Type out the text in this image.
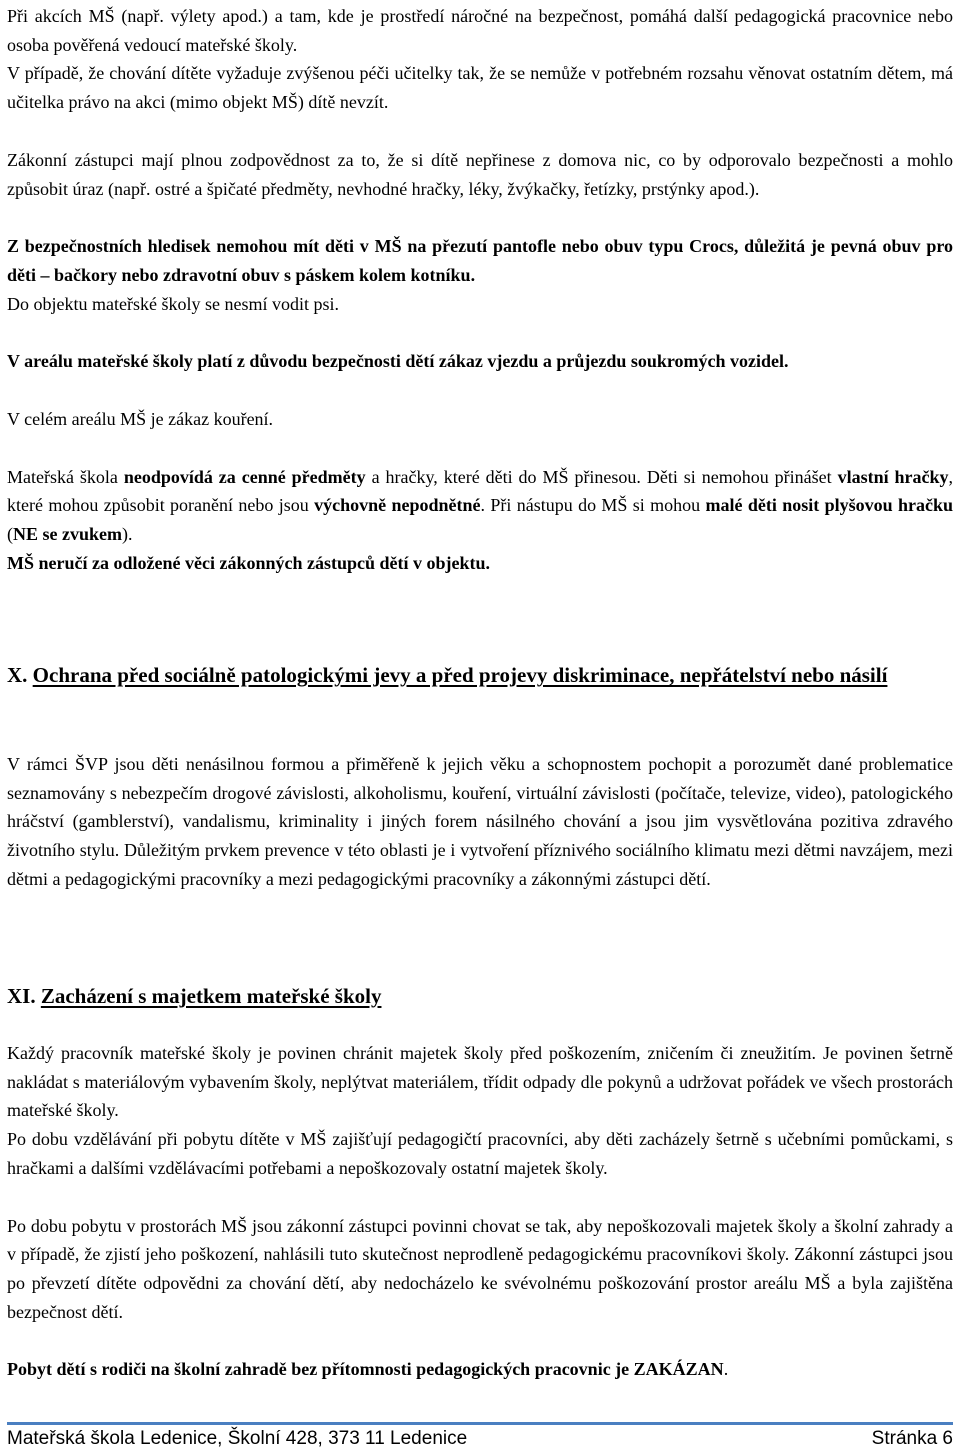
Při akcích MŠ (např. výlety apod.) a tam, kde je prostředí náročné na bezpečnost, pomáhá další pedagogická pracovnice nebo osoba pověřená vedoucí mateřské školy.

V případě, že chování dítěte vyžaduje zvýšenou péči učitelky tak, že se nemůže v potřebném rozsahu věnovat ostatním dětem, má učitelka právo na akci (mimo objekt MŠ) dítě nevzít.

Zákonní zástupci mají plnou zodpovědnost za to, že si dítě nepřinese z domova nic, co by odporovalo bezpečnosti a mohlo způsobit úraz (např. ostré a špičaté předměty, nevhodné hračky, léky, žvýkačky, řetízky, prstýnky apod.).

Z bezpečnostních hledisek nemohou mít děti v MŠ na přezutí pantofle nebo obuv typu Crocs, důležitá je pevná obuv pro děti – bačkory nebo zdravotní obuv s páskem kolem kotníku.

Do objektu mateřské školy se nesmí vodit psi.

V areálu mateřské školy platí z důvodu bezpečnosti dětí zákaz vjezdu a průjezdu soukromých vozidel.

V celém areálu MŠ je zákaz kouření.

Mateřská škola neodpovídá za cenné předměty a hračky, které děti do MŠ přinesou. Děti si nemohou přinášet vlastní hračky, které mohou způsobit poranění nebo jsou výchovně nepodnětné. Při nástupu do MŠ si mohou malé děti nosit plyšovou hračku (NE se zvukem).

MŠ neručí za odložené věci zákonných zástupců dětí v objektu.

X. Ochrana před sociálně patologickými jevy a před projevy diskriminace, nepřátelství nebo násilí

V rámci ŠVP jsou děti nenásilnou formou a přiměřeně k jejich věku a schopnostem pochopit a porozumět dané problematice seznamovány s nebezpečím drogové závislosti, alkoholismu, kouření, virtuální závislosti (počítače, televize, video), patologického hráčství (gamblerství), vandalismu, kriminality i jiných forem násilného chování a jsou jim vysvětlována pozitiva zdravého životního stylu. Důležitým prvkem prevence v této oblasti je i vytvoření příznivého sociálního klimatu mezi dětmi navzájem, mezi dětmi a pedagogickými pracovníky a mezi pedagogickými pracovníky a zákonnými zástupci dětí.

XI. Zacházení s majetkem mateřské školy

Každý pracovník mateřské školy je povinen chránit majetek školy před poškozením, zničením či zneužitím. Je povinen šetrně nakládat s materiálovým vybavením školy, neplýtvat materiálem, třídit odpady dle pokynů a udržovat pořádek ve všech prostorách mateřské školy.

Po dobu vzdělávání při pobytu dítěte v MŠ zajišťují pedagogičtí pracovníci, aby děti zacházely šetrně s učebními pomůckami, s hračkami a dalšími vzdělávacími potřebami a nepoškozovaly ostatní majetek školy.

Po dobu pobytu v prostorách MŠ jsou zákonní zástupci povinni chovat se tak, aby nepoškozovali majetek školy a školní zahrady a v případě, že zjistí jeho poškození, nahlásili tuto skutečnost neprodleně pedagogickému pracovníkovi školy. Zákonní zástupci jsou po převzetí dítěte odpovědni za chování dětí, aby nedocházelo ke svévolnému poškozování prostor areálu MŠ a byla zajištěna bezpečnost dětí.

Pobyt dětí s rodiči na školní zahradě bez přítomnosti pedagogických pracovnic je ZAKÁZAN.

Mateřská škola Ledenice, Školní 428, 373 11 Ledenice	Stránka 6
